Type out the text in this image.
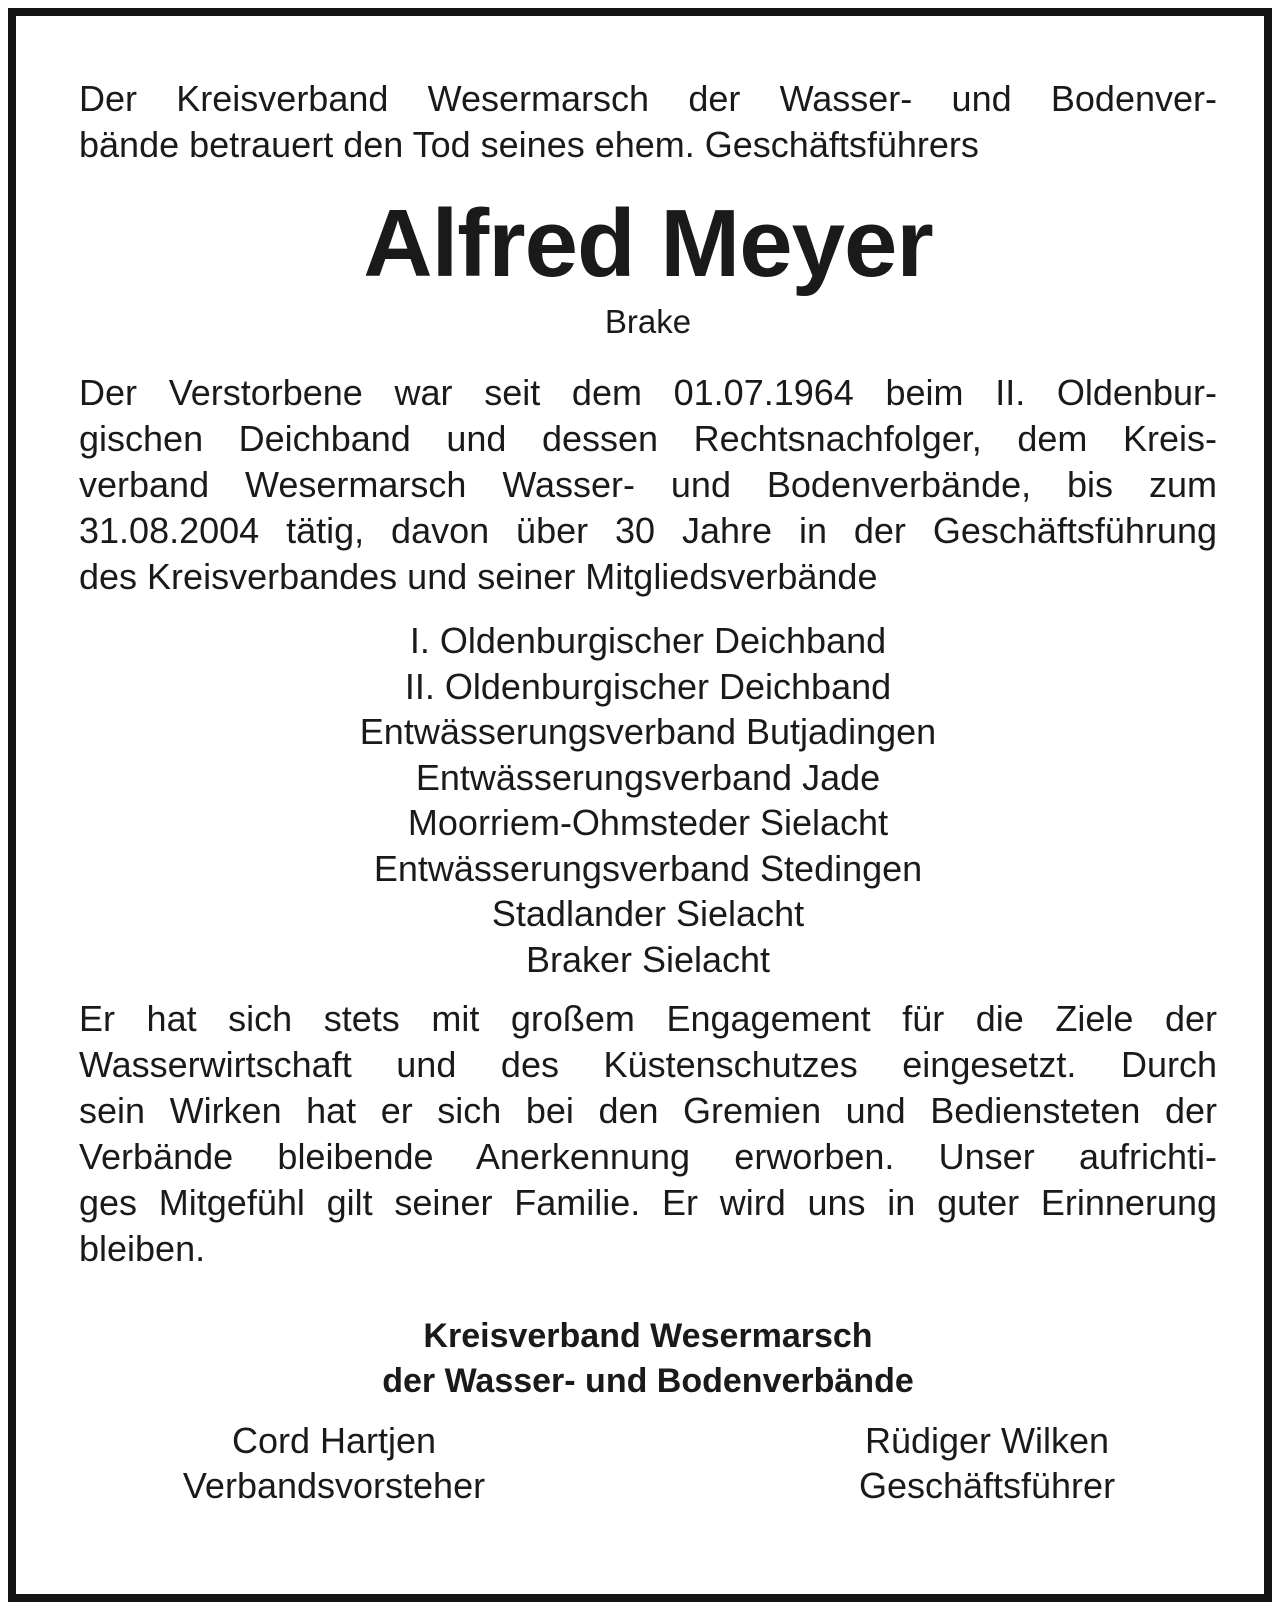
Der Kreisverband Wesermarsch der Wasser- und Bodenver-
bände betrauert den Tod seines ehem. Geschäftsführers
Alfred Meyer
Brake
Der Verstorbene war seit dem 01.07.1964 beim II. Oldenbur-
gischen Deichband und dessen Rechtsnachfolger, dem Kreis-
verband Wesermarsch Wasser- und Bodenverbände, bis zum
31.08.2004 tätig, davon über 30 Jahre in der Geschäftsführung
des Kreisverbandes und seiner Mitgliedsverbände
I. Oldenburgischer Deichband
II. Oldenburgischer Deichband
Entwässerungsverband Butjadingen
Entwässerungsverband Jade
Moorriem-Ohmsteder Sielacht
Entwässerungsverband Stedingen
Stadlander Sielacht
Braker Sielacht
Er hat sich stets mit großem Engagement für die Ziele der
Wasserwirtschaft und des Küstenschutzes eingesetzt. Durch
sein Wirken hat er sich bei den Gremien und Bediensteten der
Verbände bleibende Anerkennung erworben. Unser aufrichti-
ges Mitgefühl gilt seiner Familie. Er wird uns in guter Erinnerung
bleiben.
Kreisverband Wesermarsch
der Wasser- und Bodenverbände
Cord Hartjen
Verbandsvorsteher
Rüdiger Wilken
Geschäftsführer
